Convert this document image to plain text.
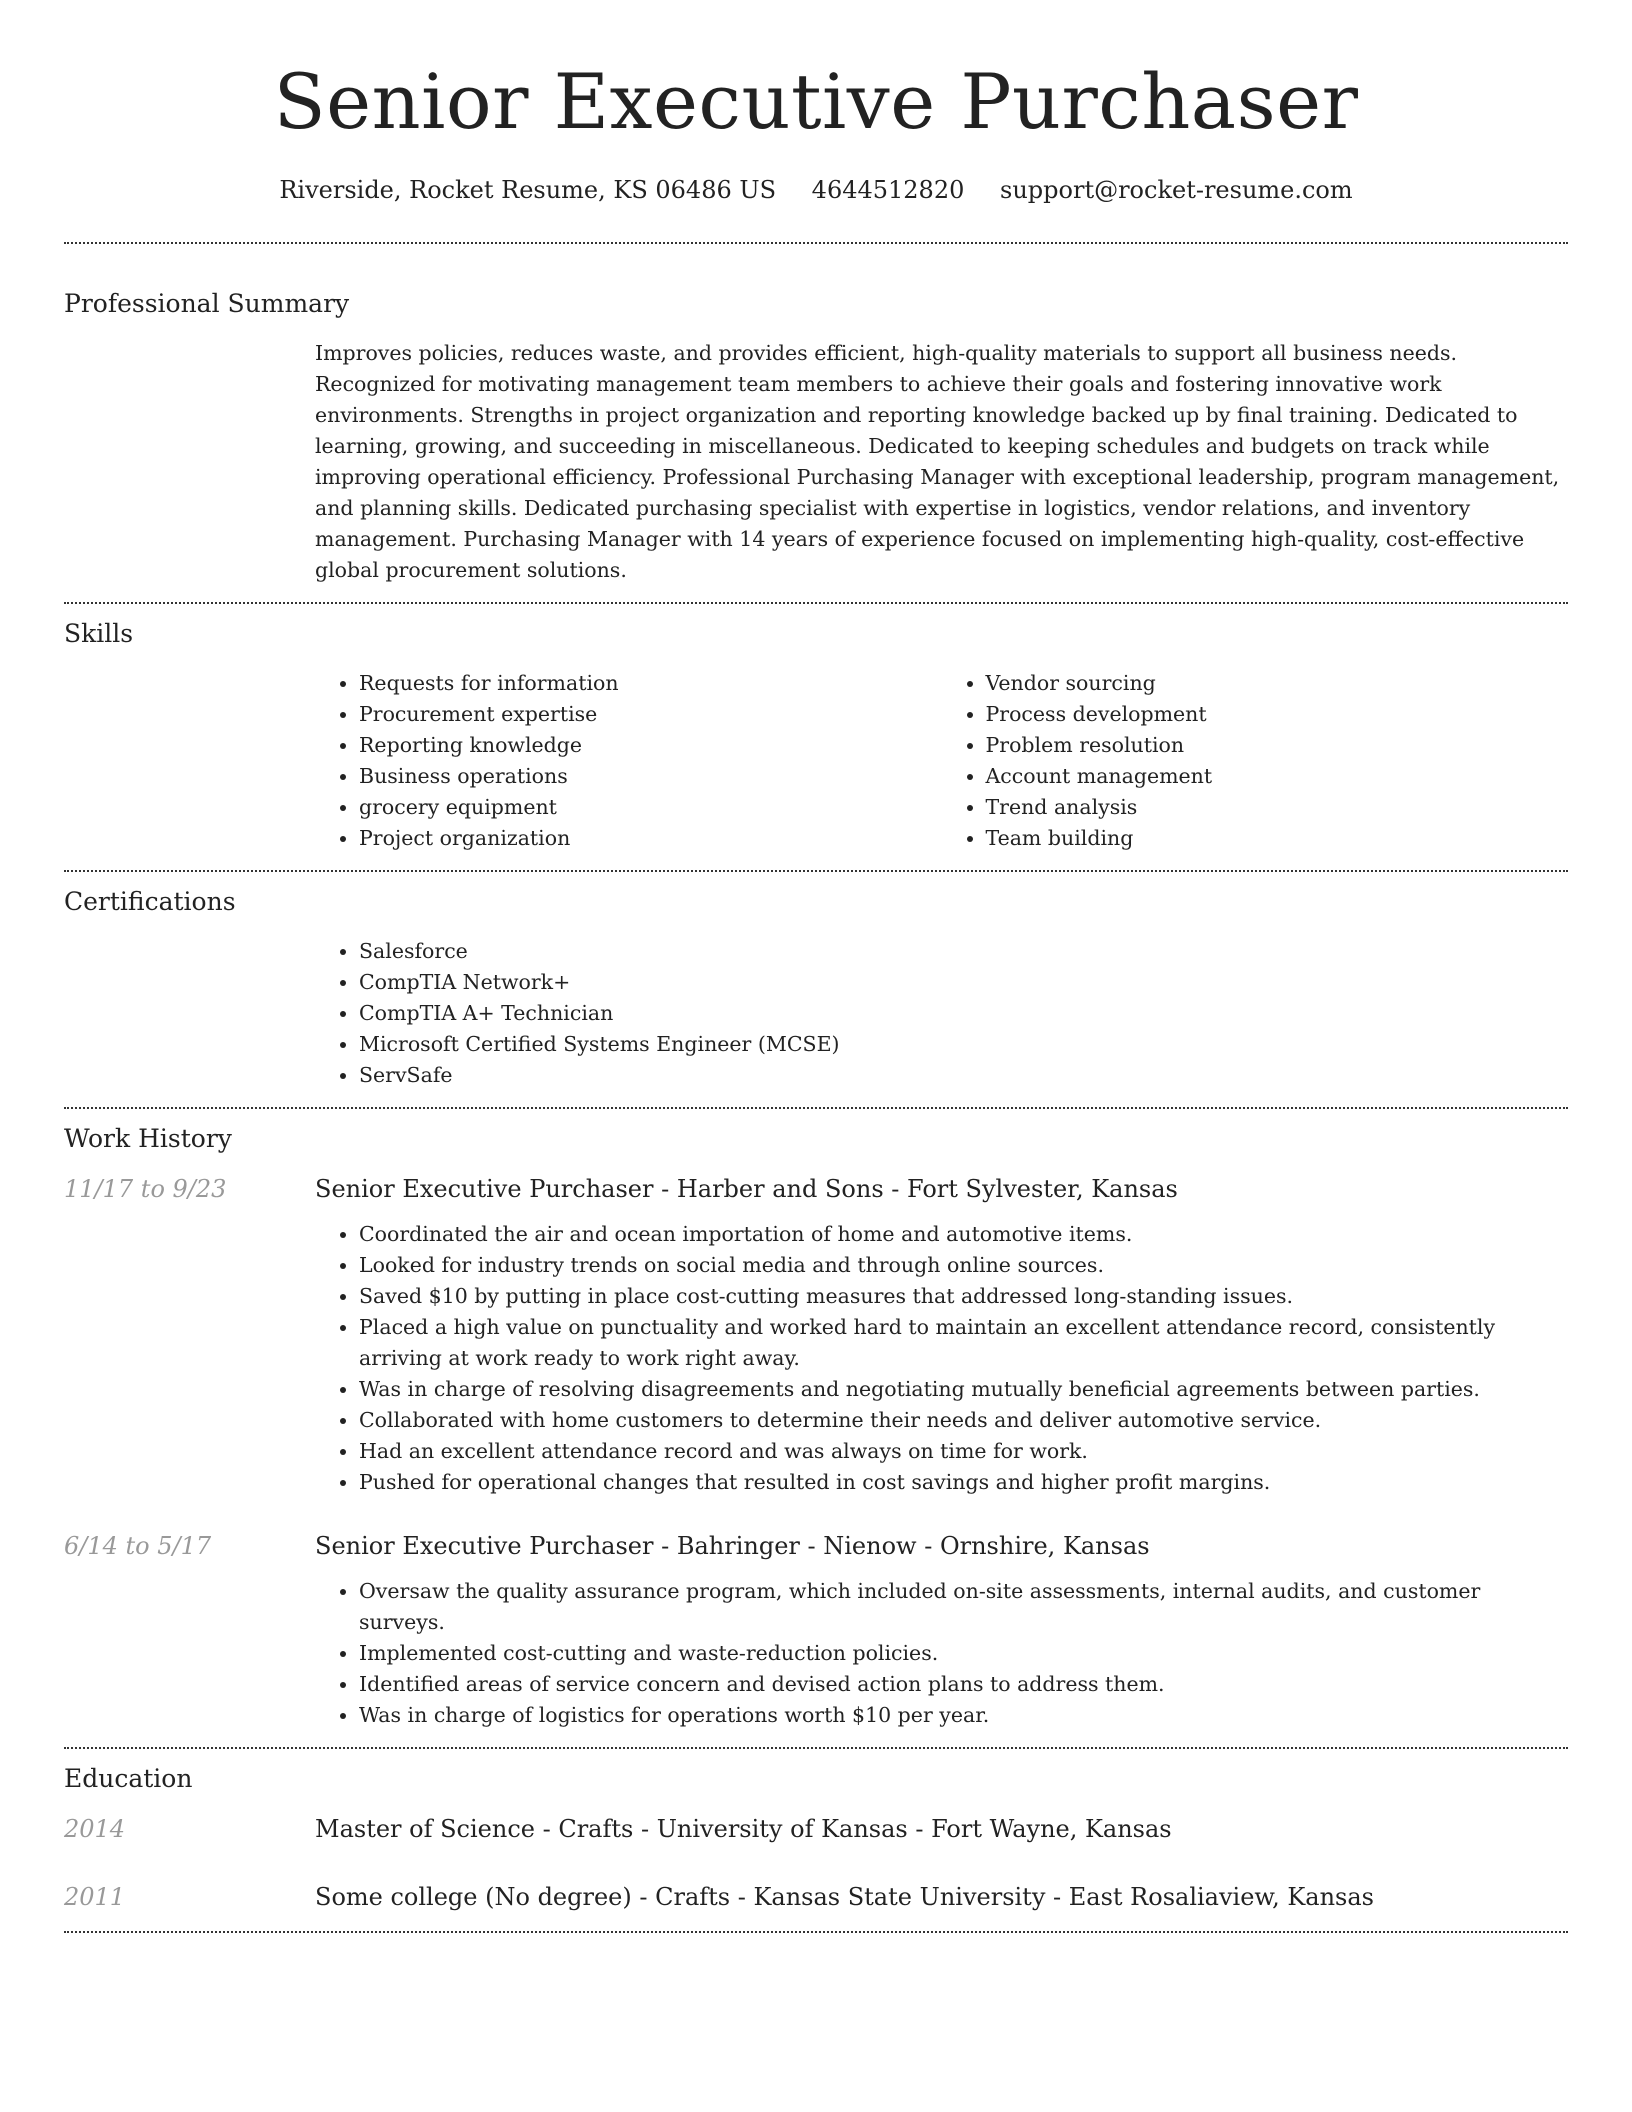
Senior Executive Purchaser
Riverside, Rocket Resume, KS 06486 US 4644512820 support@rocket-resume.com
Professional Summary

Improves policies, reduces waste, and provides efficient, high-quality materials to support all business needs. Recognized for motivating management team members to achieve their goals and fostering innovative work environments. Strengths in project organization and reporting knowledge backed up by final training. Dedicated to learning, growing, and succeeding in miscellaneous. Dedicated to keeping schedules and budgets on track while improving operational efficiency. Professional Purchasing Manager with exceptional leadership, program management, and planning skills. Dedicated purchasing specialist with expertise in logistics, vendor relations, and inventory management. Purchasing Manager with 14 years of experience focused on implementing high-quality, cost-effective global procurement solutions.

Skills
• Requests for information
• Procurement expertise
• Reporting knowledge
• Business operations
• grocery equipment
• Project organization
• Vendor sourcing
• Process development
• Problem resolution
• Account management
• Trend analysis
• Team building
Certifications
• Salesforce
• CompTIA Network+
• CompTIA A+ Technician
• Microsoft Certified Systems Engineer (MCSE)
• ServSafe
Work History
11/17 to 9/23	Senior Executive Purchaser - Harber and Sons - Fort Sylvester, Kansas
• Coordinated the air and ocean importation of home and automotive items.
• Looked for industry trends on social media and through online sources.
• Saved $10 by putting in place cost-cutting measures that addressed long-standing issues.
• Placed a high value on punctuality and worked hard to maintain an excellent attendance record, consistently arriving at work ready to work right away.
• Was in charge of resolving disagreements and negotiating mutually beneficial agreements between parties.
• Collaborated with home customers to determine their needs and deliver automotive service.
• Had an excellent attendance record and was always on time for work.
• Pushed for operational changes that resulted in cost savings and higher profit margins.
6/14 to 5/17	Senior Executive Purchaser - Bahringer - Nienow - Ornshire, Kansas
• Oversaw the quality assurance program, which included on-site assessments, internal audits, and customer surveys.
• Implemented cost-cutting and waste-reduction policies.
• Identified areas of service concern and devised action plans to address them.
• Was in charge of logistics for operations worth $10 per year.
Education
2014	Master of Science - Crafts - University of Kansas - Fort Wayne, Kansas
2011	Some college (No degree) - Crafts - Kansas State University - East Rosaliaview, Kansas
